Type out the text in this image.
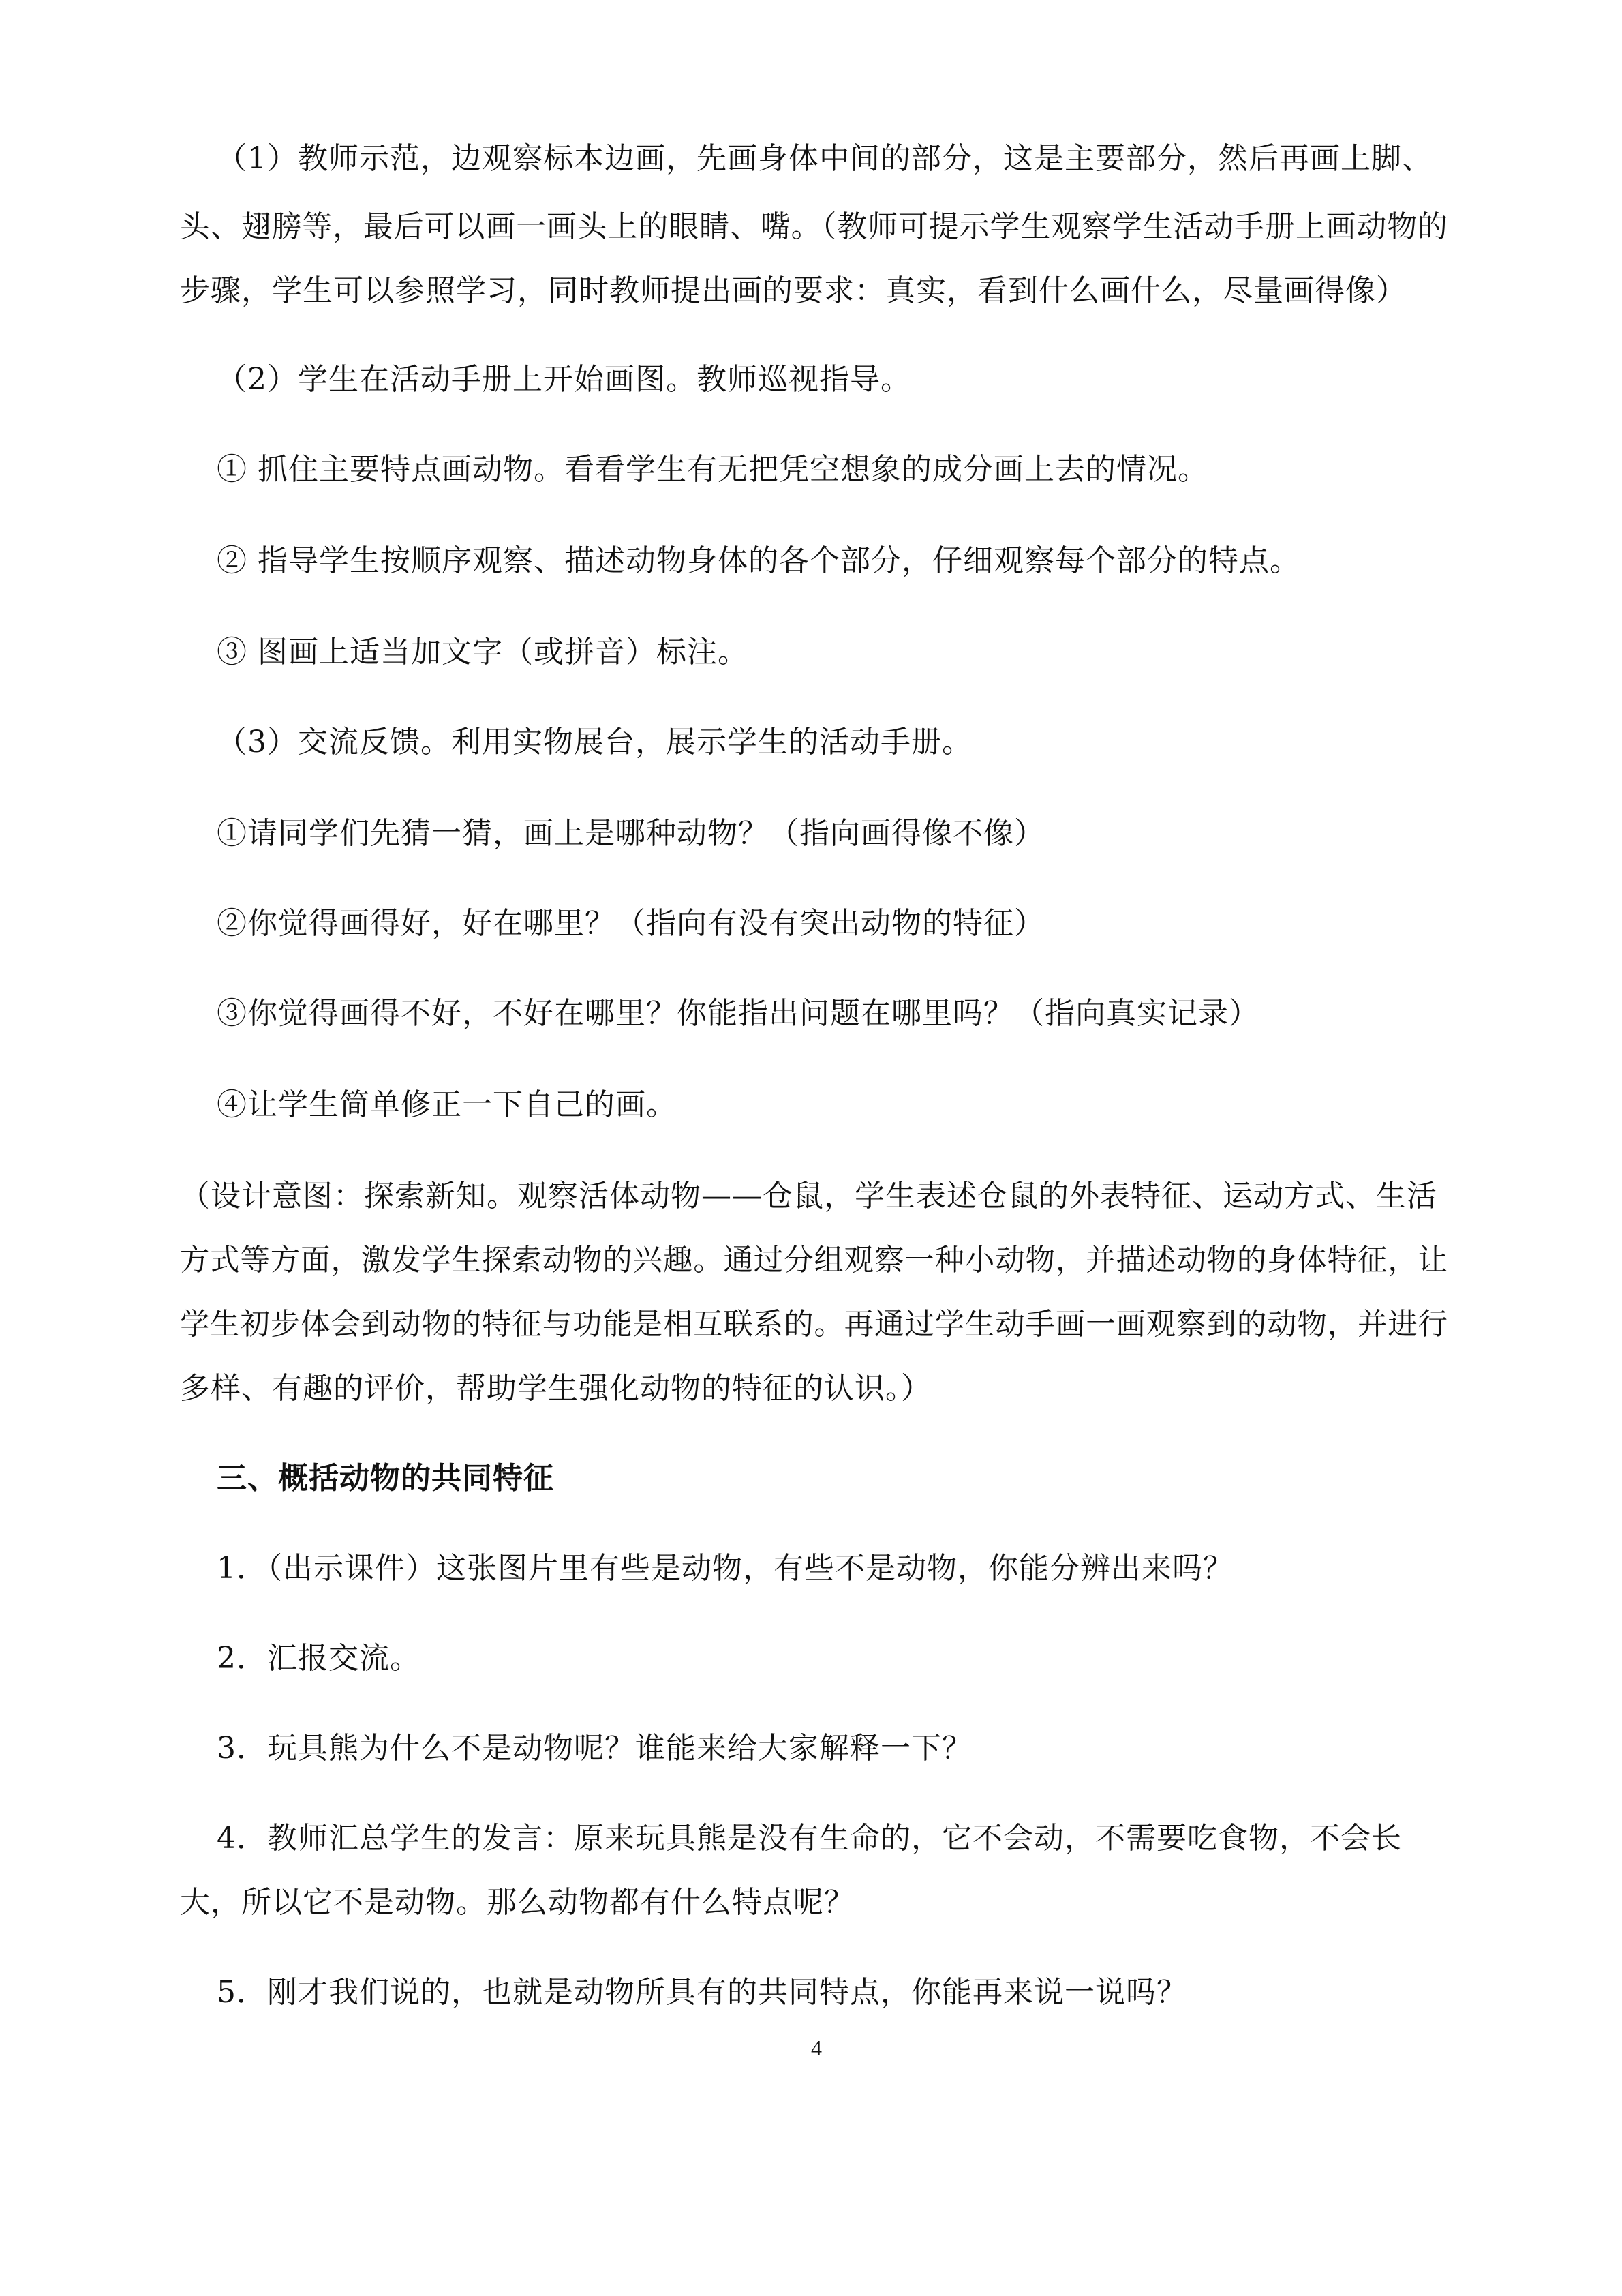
（1）教师示范，边观察标本边画，先画身体中间的部分，这是主要部分，然后再画上脚、
头、翅膀等，最后可以画一画头上的眼睛、嘴。（教师可提示学生观察学生活动手册上画动物的
步骤，学生可以参照学习，同时教师提出画的要求：真实，看到什么画什么，尽量画得像）
（2）学生在活动手册上开始画图。教师巡视指导。
① 抓住主要特点画动物。看看学生有无把凭空想象的成分画上去的情况。
② 指导学生按顺序观察、描述动物身体的各个部分，仔细观察每个部分的特点。
③ 图画上适当加文字（或拼音）标注。
（3）交流反馈。利用实物展台，展示学生的活动手册。
①请同学们先猜一猜，画上是哪种动物？（指向画得像不像）
②你觉得画得好，好在哪里？（指向有没有突出动物的特征）
③你觉得画得不好，不好在哪里？你能指出问题在哪里吗？（指向真实记录）
④让学生简单修正一下自己的画。
（设计意图：探索新知。观察活体动物——仓鼠，学生表述仓鼠的外表特征、运动方式、生活
方式等方面，激发学生探索动物的兴趣。通过分组观察一种小动物，并描述动物的身体特征，让
学生初步体会到动物的特征与功能是相互联系的。再通过学生动手画一画观察到的动物，并进行
多样、有趣的评价，帮助学生强化动物的特征的认识。）
三、概括动物的共同特征
1．（出示课件）这张图片里有些是动物，有些不是动物，你能分辨出来吗？
2．汇报交流。
3．玩具熊为什么不是动物呢？谁能来给大家解释一下？
4．教师汇总学生的发言：原来玩具熊是没有生命的，它不会动，不需要吃食物，不会长
大，所以它不是动物。那么动物都有什么特点呢？
5．刚才我们说的，也就是动物所具有的共同特点，你能再来说一说吗？
4
